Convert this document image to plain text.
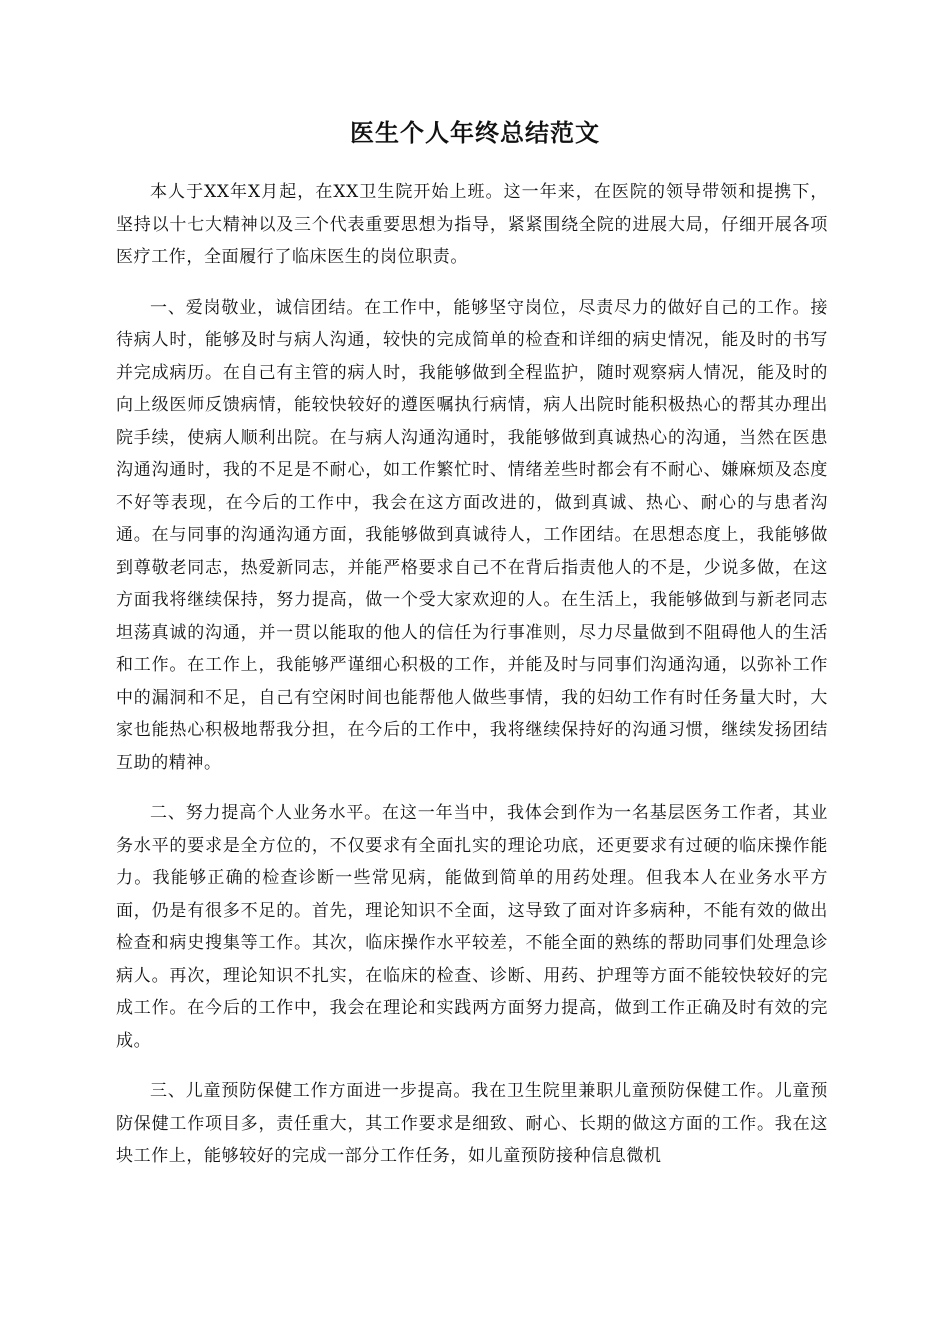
医生个人年终总结范文

本人于XX年X月起，在XX卫生院开始上班。这一年来，在医院的领导带领和提携下，坚持以十七大精神以及三个代表重要思想为指导，紧紧围绕全院的进展大局，仔细开展各项医疗工作，全面履行了临床医生的岗位职责。

一、爱岗敬业，诚信团结。在工作中，能够坚守岗位，尽责尽力的做好自己的工作。接待病人时，能够及时与病人沟通，较快的完成简单的检查和详细的病史情况，能及时的书写并完成病历。在自己有主管的病人时，我能够做到全程监护，随时观察病人情况，能及时的向上级医师反馈病情，能较快较好的遵医嘱执行病情，病人出院时能积极热心的帮其办理出院手续，使病人顺利出院。在与病人沟通沟通时，我能够做到真诚热心的沟通，当然在医患沟通沟通时，我的不足是不耐心，如工作繁忙时、情绪差些时都会有不耐心、嫌麻烦及态度不好等表现，在今后的工作中，我会在这方面改进的，做到真诚、热心、耐心的与患者沟通。在与同事的沟通沟通方面，我能够做到真诚待人，工作团结。在思想态度上，我能够做到尊敬老同志，热爱新同志，并能严格要求自己不在背后指责他人的不是，少说多做，在这方面我将继续保持，努力提高，做一个受大家欢迎的人。在生活上，我能够做到与新老同志坦荡真诚的沟通，并一贯以能取的他人的信任为行事准则，尽力尽量做到不阻碍他人的生活和工作。在工作上，我能够严谨细心积极的工作，并能及时与同事们沟通沟通，以弥补工作中的漏洞和不足，自己有空闲时间也能帮他人做些事情，我的妇幼工作有时任务量大时，大家也能热心积极地帮我分担，在今后的工作中，我将继续保持好的沟通习惯，继续发扬团结互助的精神。

二、努力提高个人业务水平。在这一年当中，我体会到作为一名基层医务工作者，其业务水平的要求是全方位的，不仅要求有全面扎实的理论功底，还更要求有过硬的临床操作能力。我能够正确的检查诊断一些常见病，能做到简单的用药处理。但我本人在业务水平方面，仍是有很多不足的。首先，理论知识不全面，这导致了面对许多病种，不能有效的做出检查和病史搜集等工作。其次，临床操作水平较差，不能全面的熟练的帮助同事们处理急诊病人。再次，理论知识不扎实，在临床的检查、诊断、用药、护理等方面不能较快较好的完成工作。在今后的工作中，我会在理论和实践两方面努力提高，做到工作正确及时有效的完成。

三、儿童预防保健工作方面进一步提高。我在卫生院里兼职儿童预防保健工作。儿童预防保健工作项目多，责任重大，其工作要求是细致、耐心、长期的做这方面的工作。我在这块工作上，能够较好的完成一部分工作任务，如儿童预防接种信息微机
